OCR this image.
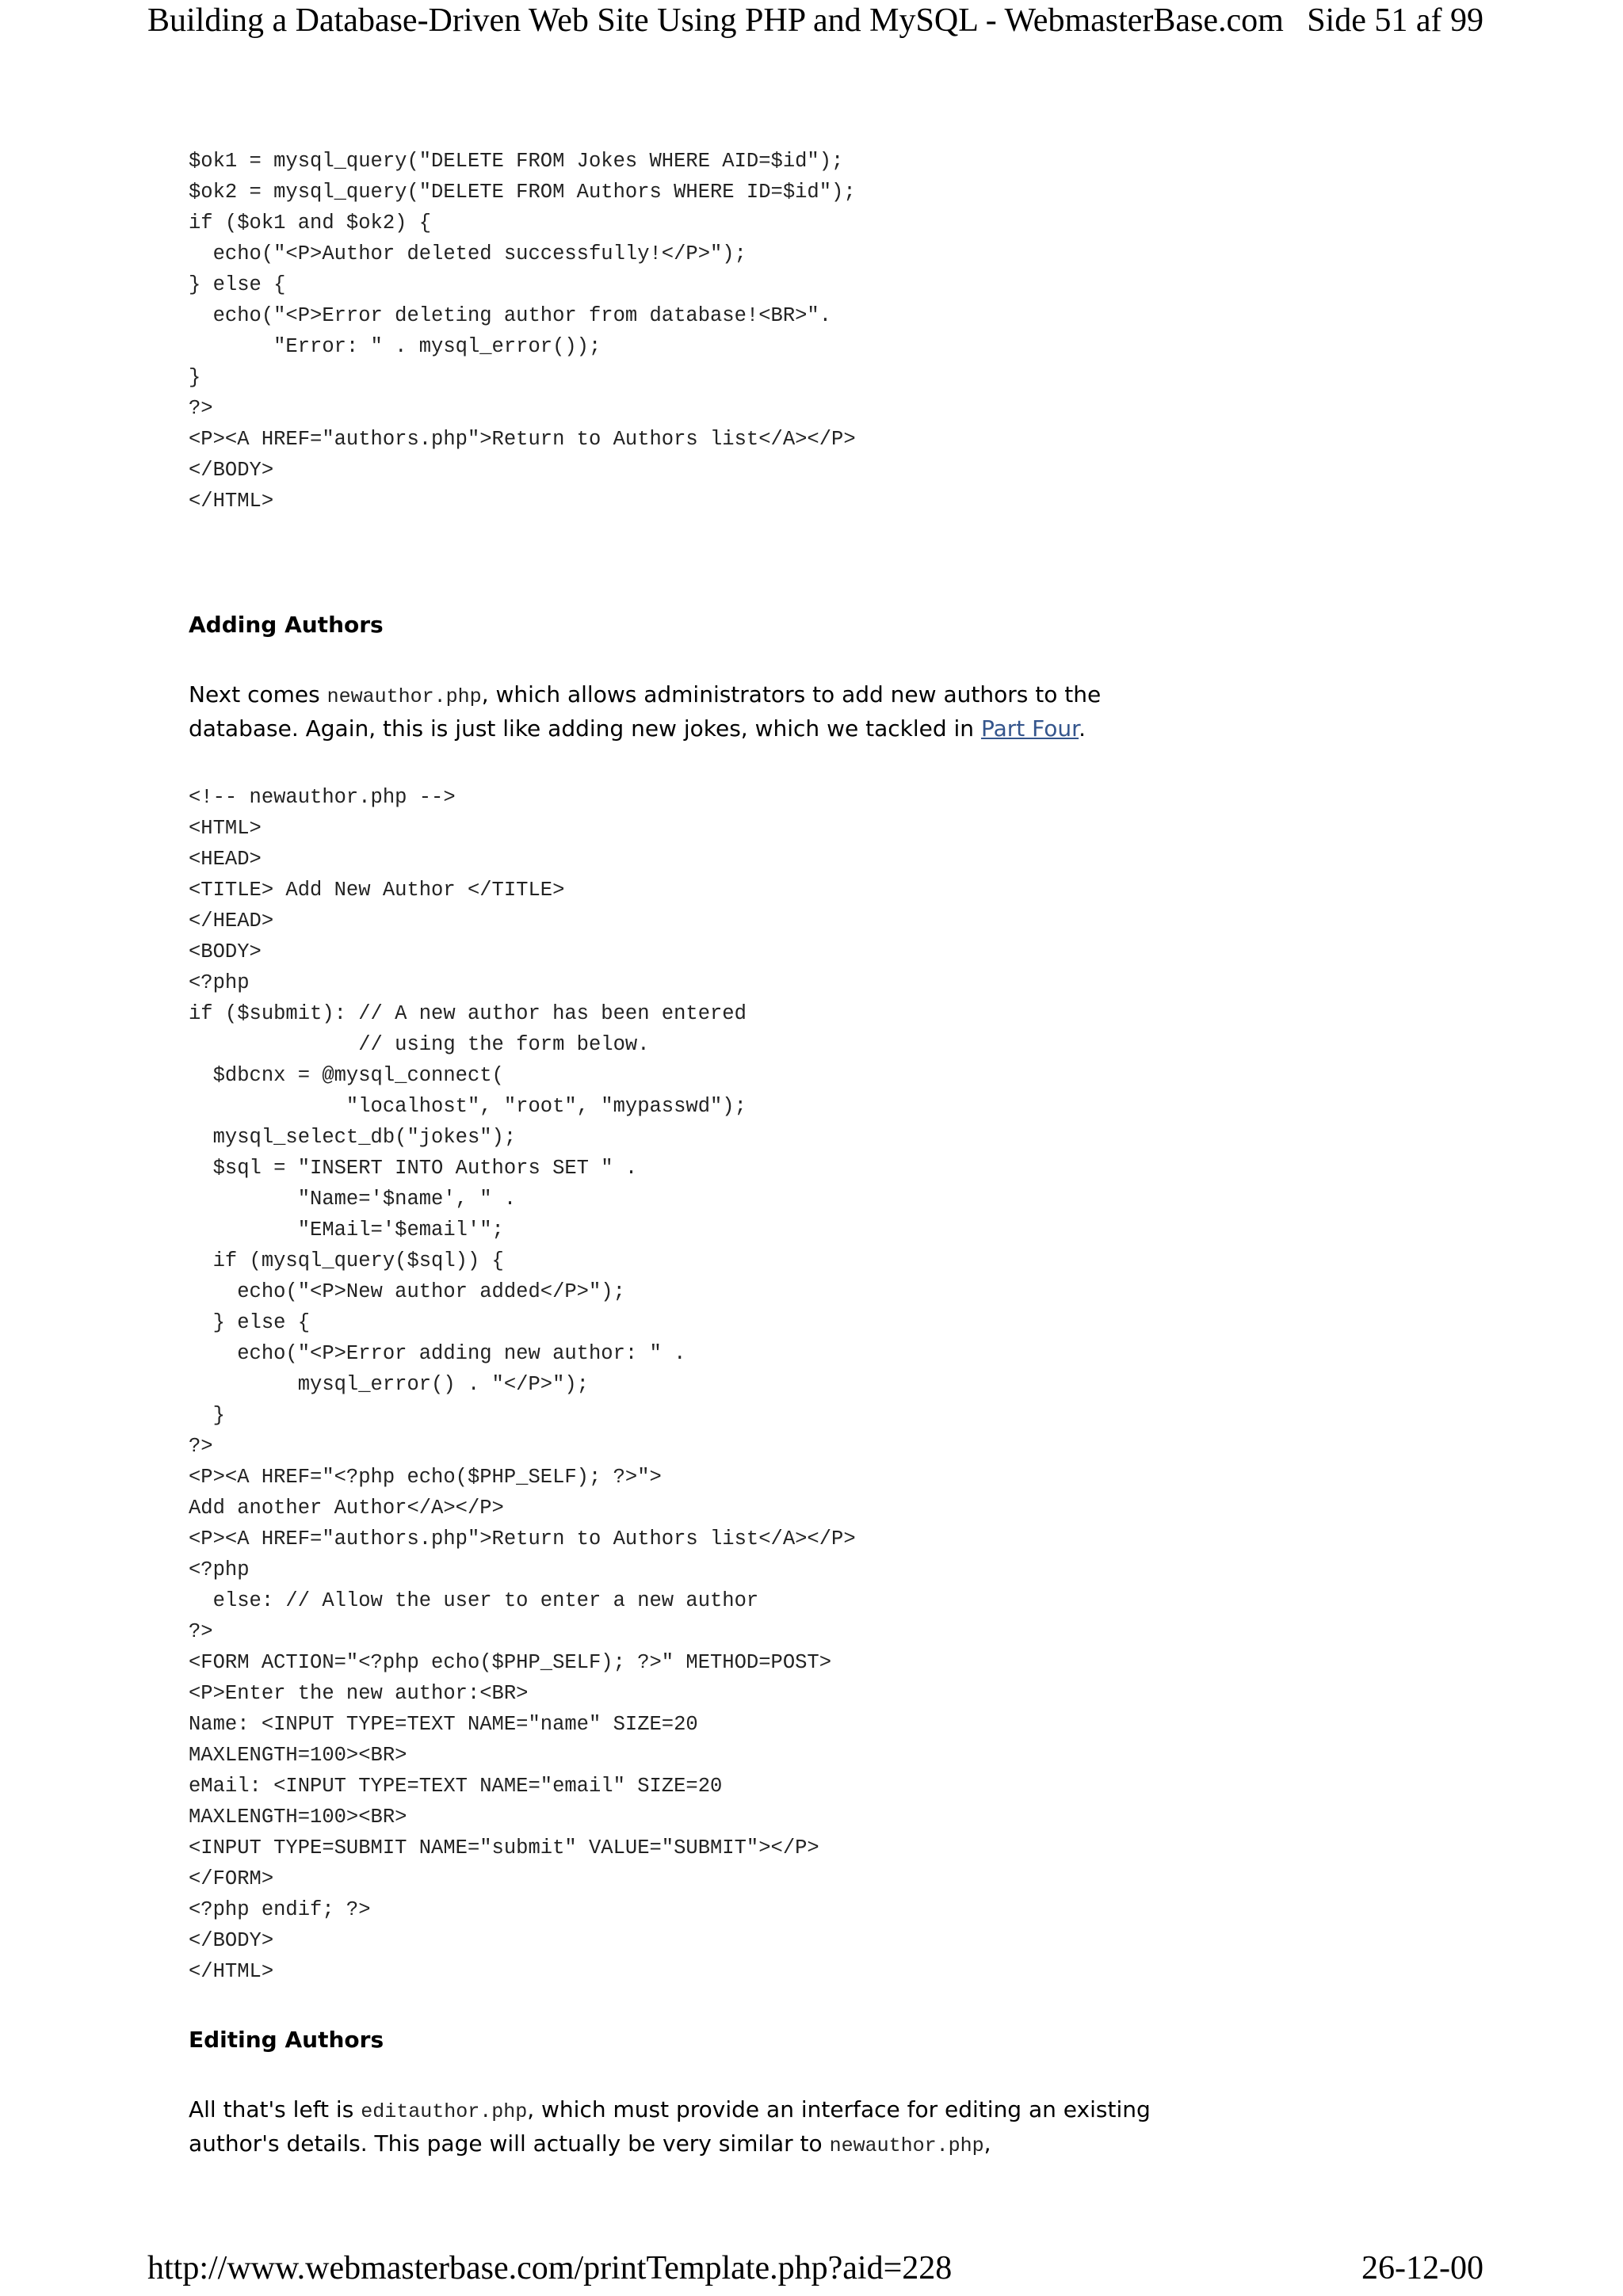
Building a Database-Driven Web Site Using PHP and MySQL - WebmasterBase.com Side 51 af 99
$ok1 = mysql_query("DELETE FROM Jokes WHERE AID=$id");
$ok2 = mysql_query("DELETE FROM Authors WHERE ID=$id");
if ($ok1 and $ok2) {
echo("<P>Author deleted successfully!</P>");
} else {
echo("<P>Error deleting author from database!<BR>".
"Error: " . mysql_error());
}
?>
<P><A HREF="authors.php">Return to Authors list</A></P>
</BODY>
</HTML>
Adding Authors

Next comes newauthor.php, which allows administrators to add new authors to the database. Again, this is just like adding new jokes, which we tackled in Part Four.

<!-- newauthor.php -->
<HTML>
<HEAD>
<TITLE> Add New Author </TITLE>
</HEAD>
<BODY>
<?php
if ($submit): // A new author has been entered
// using the form below.
$dbcnx = @mysql_connect(
"localhost", "root", "mypasswd");
mysql_select_db("jokes");
$sql = "INSERT INTO Authors SET " .
"Name='$name', " .
"EMail='$email'";
if (mysql_query($sql)) {
echo("<P>New author added</P>");
} else {
echo("<P>Error adding new author: " .
mysql_error() . "</P>");
}
?>
<P><A HREF="<?php echo($PHP_SELF); ?>">
Add another Author</A></P>
<P><A HREF="authors.php">Return to Authors list</A></P>
<?php
else: // Allow the user to enter a new author
?>
<FORM ACTION="<?php echo($PHP_SELF); ?>" METHOD=POST>
<P>Enter the new author:<BR>
Name: <INPUT TYPE=TEXT NAME="name" SIZE=20
MAXLENGTH=100><BR>
eMail: <INPUT TYPE=TEXT NAME="email" SIZE=20
MAXLENGTH=100><BR>
<INPUT TYPE=SUBMIT NAME="submit" VALUE="SUBMIT"></P>
</FORM>
<?php endif; ?>
</BODY>
</HTML>
Editing Authors

All that's left is editauthor.php, which must provide an interface for editing an existing author's details. This page will actually be very similar to newauthor.php,

http://www.webmasterbase.com/printTemplate.php?aid=228	26-12-00
